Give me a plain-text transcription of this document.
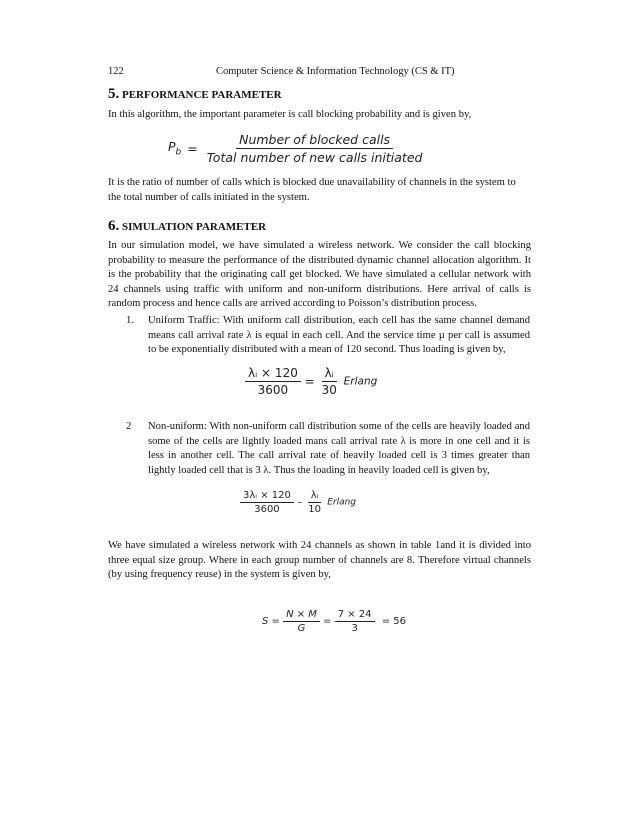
122	Computer Science & Information Technology (CS & IT)
5. PERFORMANCE PARAMETER
In this algorithm, the important parameter is call blocking probability and is given by,
$P_b = \frac{\text{Number of blocked calls}}{\text{Total number of new calls initiated}}$
It is the ratio of number of calls which is blocked due unavailability of channels in the system to the total number of calls initiated in the system.
6. SIMULATION PARAMETER
In our simulation model, we have simulated a wireless network. We consider the call blocking probability to measure the performance of the distributed dynamic channel allocation algorithm. It is the probability that the originating call get blocked. We have simulated a cellular network with 24 channels using traffic with uniform and non-uniform distributions. Here arrival of calls is random process and hence calls are arrived according to Poisson’s distribution process.
1. Uniform Traffic: With uniform call distribution, each cell has the same channel demand means call arrival rate λ is equal in each cell. And the service time µ per call is assumed to be exponentially distributed with a mean of 120 second. Thus loading is given by,
$\frac{\text{λᵢ × 120}}{3600} = \frac{\text{λᵢ}}{30}$ Erlang
2 Non-uniform: With non-uniform call distribution some of the cells are heavily loaded and some of the cells are lightly loaded mans call arrival rate λ is more in one cell and it is less in another cell. The call arrival rate of heavily loaded cell is 3 times greater than lightly loaded cell that is 3 λ. Thus the loading in heavily loaded cell is given by,
$\frac{\text{3λᵢ × 120}}{3600} - \frac{\text{λᵢ}}{10}$ Erlang
We have simulated a wireless network with 24 channels as shown in table 1and it is divided into three equal size group. Where in each group number of channels are 8. Therefore virtual channels (by using frequency reuse) in the system is given by,
$S = \frac{N \times M}{G} = \frac{7 \times 24}{3} = 56$
